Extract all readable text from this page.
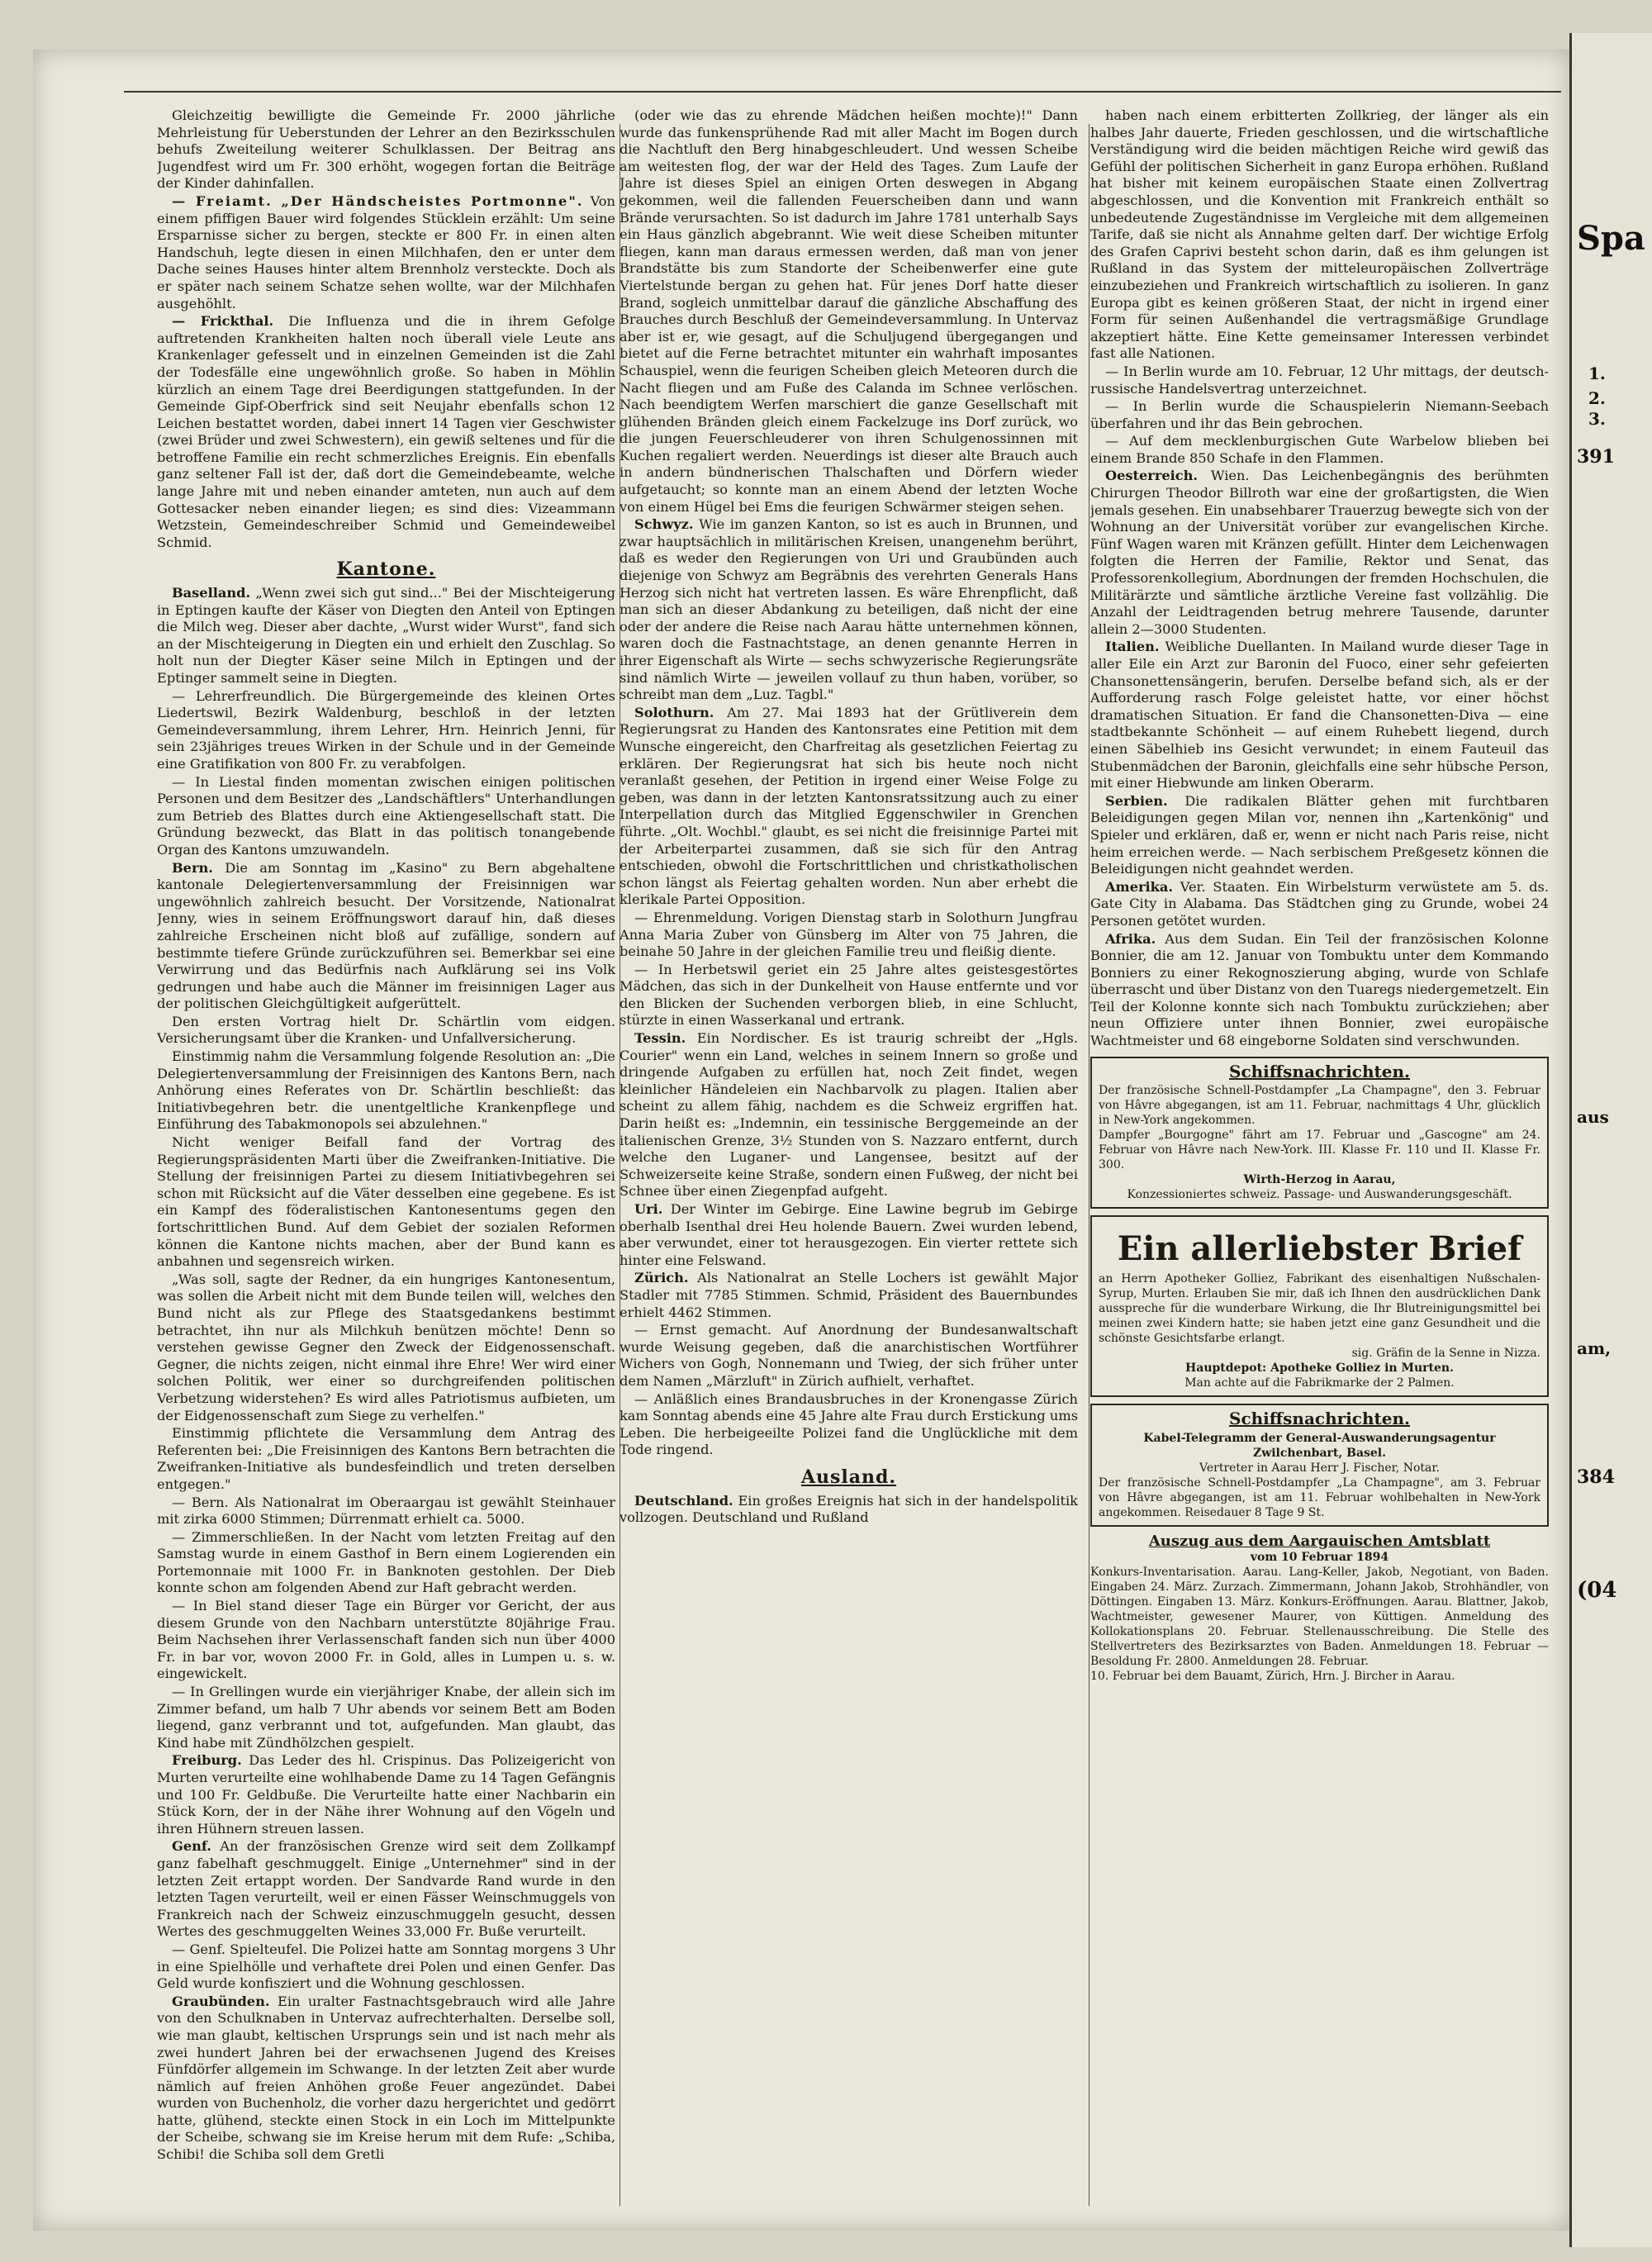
Gleichzeitig bewilligte die Gemeinde Fr. 2000 jährliche Mehrleistung für Ueberstunden der Lehrer an den Bezirksschulen behufs Zweiteilung weiterer Schulklassen. Der Beitrag ans Jugendfest wird um Fr. 300 erhöht, wogegen fortan die Beiträge der Kinder dahinfallen.

— Freiamt. „Der Händscheistes Portmonne". Von einem pfiffigen Bauer wird folgendes Stücklein erzählt: Um seine Ersparnisse sicher zu bergen, steckte er 800 Fr. in einen alten Handschuh, legte diesen in einen Milchhafen, den er unter dem Dache seines Hauses hinter altem Brennholz versteckte. Doch als er später nach seinem Schatze sehen wollte, war der Milchhafen ausgehöhlt.

— Frickthal. Die Influenza und die in ihrem Gefolge auftretenden Krankheiten halten noch überall viele Leute ans Krankenlager gefesselt und in einzelnen Gemeinden ist die Zahl der Todesfälle eine ungewöhnlich große. So haben in Möhlin kürzlich an einem Tage drei Beerdigungen stattgefunden. In der Gemeinde Gipf-Oberfrick sind seit Neujahr ebenfalls schon 12 Leichen bestattet worden, dabei innert 14 Tagen vier Geschwister (zwei Brüder und zwei Schwestern), ein gewiß seltenes und für die betroffene Familie ein recht schmerzliches Ereignis. Ein ebenfalls ganz seltener Fall ist der, daß dort die Gemeindebeamte, welche lange Jahre mit und neben einander amteten, nun auch auf dem Gottesacker neben einander liegen; es sind dies: Vizeammann Wetzstein, Gemeindeschreiber Schmid und Gemeindeweibel Schmid.

Kantone.

Baselland. „Wenn zwei sich gut sind..." Bei der Mischteigerung in Eptingen kaufte der Käser von Diegten den Anteil von Eptingen die Milch weg. Dieser aber dachte, „Wurst wider Wurst", fand sich an der Mischteigerung in Diegten ein und erhielt den Zuschlag. So holt nun der Diegter Käser seine Milch in Eptingen und der Eptinger sammelt seine in Diegten.

— Lehrerfreundlich. Die Bürgergemeinde des kleinen Ortes Liedertswil, Bezirk Waldenburg, beschloß in der letzten Gemeindeversammlung, ihrem Lehrer, Hrn. Heinrich Jenni, für sein 23jähriges treues Wirken in der Schule und in der Gemeinde eine Gratifikation von 800 Fr. zu verabfolgen.

— In Liestal finden momentan zwischen einigen politischen Personen und dem Besitzer des „Landschäftlers" Unterhandlungen zum Betrieb des Blattes durch eine Aktiengesellschaft statt. Die Gründung bezweckt, das Blatt in das politisch tonangebende Organ des Kantons umzuwandeln.

Bern. Die am Sonntag im „Kasino" zu Bern abgehaltene kantonale Delegiertenversammlung der Freisinnigen war ungewöhnlich zahlreich besucht. Der Vorsitzende, Nationalrat Jenny, wies in seinem Eröffnungswort darauf hin, daß dieses zahlreiche Erscheinen nicht bloß auf zufällige, sondern auf bestimmte tiefere Gründe zurückzuführen sei. Bemerkbar sei eine Verwirrung und das Bedürfnis nach Aufklärung sei ins Volk gedrungen und habe auch die Männer im freisinnigen Lager aus der politischen Gleichgültigkeit aufgerüttelt.

Den ersten Vortrag hielt Dr. Schärtlin vom eidgen. Versicherungsamt über die Kranken- und Unfallversicherung.

Einstimmig nahm die Versammlung folgende Resolution an: „Die Delegiertenversammlung der Freisinnigen des Kantons Bern, nach Anhörung eines Referates von Dr. Schärtlin beschließt: das Initiativbegehren betr. die unentgeltliche Krankenpflege und Einführung des Tabakmonopols sei abzulehnen."

Nicht weniger Beifall fand der Vortrag des Regierungspräsidenten Marti über die Zweifranken-Initiative. Die Stellung der freisinnigen Partei zu diesem Initiativbegehren sei schon mit Rücksicht auf die Väter desselben eine gegebene. Es ist ein Kampf des föderalistischen Kantonesentums gegen den fortschrittlichen Bund. Auf dem Gebiet der sozialen Reformen können die Kantone nichts machen, aber der Bund kann es anbahnen und segensreich wirken.

„Was soll, sagte der Redner, da ein hungriges Kantonesentum, was sollen die Arbeit nicht mit dem Bunde teilen will, welches den Bund nicht als zur Pflege des Staatsgedankens bestimmt betrachtet, ihn nur als Milchkuh benützen möchte! Denn so verstehen gewisse Gegner den Zweck der Eidgenossenschaft. Gegner, die nichts zeigen, nicht einmal ihre Ehre! Wer wird einer solchen Politik, wer einer so durchgreifenden politischen Verbetzung widerstehen? Es wird alles Patriotismus aufbieten, um der Eidgenossenschaft zum Siege zu verhelfen."

Einstimmig pflichtete die Versammlung dem Antrag des Referenten bei: „Die Freisinnigen des Kantons Bern betrachten die Zweifranken-Initiative als bundesfeindlich und treten derselben entgegen."

— Bern. Als Nationalrat im Oberaargau ist gewählt Steinhauer mit zirka 6000 Stimmen; Dürrenmatt erhielt ca. 5000.

— Zimmerschließen. In der Nacht vom letzten Freitag auf den Samstag wurde in einem Gasthof in Bern einem Logierenden ein Portemonnaie mit 1000 Fr. in Banknoten gestohlen. Der Dieb konnte schon am folgenden Abend zur Haft gebracht werden.

— In Biel stand dieser Tage ein Bürger vor Gericht, der aus diesem Grunde von den Nachbarn unterstützte 80jährige Frau. Beim Nachsehen ihrer Verlassenschaft fanden sich nun über 4000 Fr. in bar vor, wovon 2000 Fr. in Gold, alles in Lumpen u. s. w. eingewickelt.

— In Grellingen wurde ein vierjähriger Knabe, der allein sich im Zimmer befand, um halb 7 Uhr abends vor seinem Bett am Boden liegend, ganz verbrannt und tot, aufgefunden. Man glaubt, das Kind habe mit Zündhölzchen gespielt.

Freiburg. Das Leder des hl. Crispinus. Das Polizeigericht von Murten verurteilte eine wohlhabende Dame zu 14 Tagen Gefängnis und 100 Fr. Geldbuße. Die Verurteilte hatte einer Nachbarin ein Stück Korn, der in der Nähe ihrer Wohnung auf den Vögeln und ihren Hühnern streuen lassen.

Genf. An der französischen Grenze wird seit dem Zollkampf ganz fabelhaft geschmuggelt. Einige „Unternehmer" sind in der letzten Zeit ertappt worden. Der Sandvarde Rand wurde in den letzten Tagen verurteilt, weil er einen Fässer Weinschmuggels von Frankreich nach der Schweiz einzuschmuggeln gesucht, dessen Wertes des geschmuggelten Weines 33,000 Fr. Buße verurteilt.

— Genf. Spielteufel. Die Polizei hatte am Sonntag morgens 3 Uhr in eine Spielhölle und verhaftete drei Polen und einen Genfer. Das Geld wurde konfisziert und die Wohnung geschlossen.

Graubünden. Ein uralter Fastnachtsgebrauch wird alle Jahre von den Schulknaben in Untervaz aufrechterhalten. Derselbe soll, wie man glaubt, keltischen Ursprungs sein und ist nach mehr als zwei hundert Jahren bei der erwachsenen Jugend des Kreises Fünfdörfer allgemein im Schwange. In der letzten Zeit aber wurde nämlich auf freien Anhöhen große Feuer angezündet. Dabei wurden von Buchenholz, die vorher dazu hergerichtet und gedörrt hatte, glühend, steckte einen Stock in ein Loch im Mittelpunkte der Scheibe, schwang sie im Kreise herum mit dem Rufe: „Schiba, Schibi! die Schiba soll dem Gretli

(oder wie das zu ehrende Mädchen heißen mochte)!" Dann wurde das funkensprühende Rad mit aller Macht im Bogen durch die Nachtluft den Berg hinabgeschleudert. Und wessen Scheibe am weitesten flog, der war der Held des Tages. Zum Laufe der Jahre ist dieses Spiel an einigen Orten deswegen in Abgang gekommen, weil die fallenden Feuerscheiben dann und wann Brände verursachten. So ist dadurch im Jahre 1781 unterhalb Says ein Haus gänzlich abgebrannt. Wie weit diese Scheiben mitunter fliegen, kann man daraus ermessen werden, daß man von jener Brandstätte bis zum Standorte der Scheibenwerfer eine gute Viertelstunde bergan zu gehen hat. Für jenes Dorf hatte dieser Brand, sogleich unmittelbar darauf die gänzliche Abschaffung des Brauches durch Beschluß der Gemeindeversammlung. In Untervaz aber ist er, wie gesagt, auf die Schuljugend übergegangen und bietet auf die Ferne betrachtet mitunter ein wahrhaft imposantes Schauspiel, wenn die feurigen Scheiben gleich Meteoren durch die Nacht fliegen und am Fuße des Calanda im Schnee verlöschen. Nach beendigtem Werfen marschiert die ganze Gesellschaft mit glühenden Bränden gleich einem Fackelzuge ins Dorf zurück, wo die jungen Feuerschleuderer von ihren Schulgenossinnen mit Kuchen regaliert werden. Neuerdings ist dieser alte Brauch auch in andern bündnerischen Thalschaften und Dörfern wieder aufgetaucht; so konnte man an einem Abend der letzten Woche von einem Hügel bei Ems die feurigen Schwärmer steigen sehen.

Schwyz. Wie im ganzen Kanton, so ist es auch in Brunnen, und zwar hauptsächlich in militärischen Kreisen, unangenehm berührt, daß es weder den Regierungen von Uri und Graubünden auch diejenige von Schwyz am Begräbnis des verehrten Generals Hans Herzog sich nicht hat vertreten lassen. Es wäre Ehrenpflicht, daß man sich an dieser Abdankung zu beteiligen, daß nicht der eine oder der andere die Reise nach Aarau hätte unternehmen können, waren doch die Fastnachtstage, an denen genannte Herren in ihrer Eigenschaft als Wirte — sechs schwyzerische Regierungsräte sind nämlich Wirte — jeweilen vollauf zu thun haben, vorüber, so schreibt man dem „Luz. Tagbl."

Solothurn. Am 27. Mai 1893 hat der Grütliverein dem Regierungsrat zu Handen des Kantonsrates eine Petition mit dem Wunsche eingereicht, den Charfreitag als gesetzlichen Feiertag zu erklären. Der Regierungsrat hat sich bis heute noch nicht veranlaßt gesehen, der Petition in irgend einer Weise Folge zu geben, was dann in der letzten Kantonsratssitzung auch zu einer Interpellation durch das Mitglied Eggenschwiler in Grenchen führte. „Olt. Wochbl." glaubt, es sei nicht die freisinnige Partei mit der Arbeiterpartei zusammen, daß sie sich für den Antrag entschieden, obwohl die Fortschrittlichen und christkatholischen schon längst als Feiertag gehalten worden. Nun aber erhebt die klerikale Partei Opposition.

— Ehrenmeldung. Vorigen Dienstag starb in Solothurn Jungfrau Anna Maria Zuber von Günsberg im Alter von 75 Jahren, die beinahe 50 Jahre in der gleichen Familie treu und fleißig diente.

— In Herbetswil geriet ein 25 Jahre altes geistesgestörtes Mädchen, das sich in der Dunkelheit von Hause entfernte und vor den Blicken der Suchenden verborgen blieb, in eine Schlucht, stürzte in einen Wasserkanal und ertrank.

Tessin. Ein Nordischer. Es ist traurig schreibt der „Hgls. Courier" wenn ein Land, welches in seinem Innern so große und dringende Aufgaben zu erfüllen hat, noch Zeit findet, wegen kleinlicher Händeleien ein Nachbarvolk zu plagen. Italien aber scheint zu allem fähig, nachdem es die Schweiz ergriffen hat. Darin heißt es: „Indemnin, ein tessinische Berggemeinde an der italienischen Grenze, 3½ Stunden von S. Nazzaro entfernt, durch welche den Luganer- und Langensee, besitzt auf der Schweizerseite keine Straße, sondern einen Fußweg, der nicht bei Schnee über einen Ziegenpfad aufgeht.

Uri. Der Winter im Gebirge. Eine Lawine begrub im Gebirge oberhalb Isenthal drei Heu holende Bauern. Zwei wurden lebend, aber verwundet, einer tot herausgezogen. Ein vierter rettete sich hinter eine Felswand.

Zürich. Als Nationalrat an Stelle Lochers ist gewählt Major Stadler mit 7785 Stimmen. Schmid, Präsident des Bauernbundes erhielt 4462 Stimmen.

— Ernst gemacht. Auf Anordnung der Bundesanwaltschaft wurde Weisung gegeben, daß die anarchistischen Wortführer Wichers von Gogh, Nonnemann und Twieg, der sich früher unter dem Namen „Märzluft" in Zürich aufhielt, verhaftet.

— Anläßlich eines Brandausbruches in der Kronengasse Zürich kam Sonntag abends eine 45 Jahre alte Frau durch Erstickung ums Leben. Die herbeigeeilte Polizei fand die Unglückliche mit dem Tode ringend.

Ausland.

Deutschland. Ein großes Ereignis hat sich in der handelspolitik vollzogen. Deutschland und Rußland

haben nach einem erbitterten Zollkrieg, der länger als ein halbes Jahr dauerte, Frieden geschlossen, und die wirtschaftliche Verständigung wird die beiden mächtigen Reiche wird gewiß das Gefühl der politischen Sicherheit in ganz Europa erhöhen. Rußland hat bisher mit keinem europäischen Staate einen Zollvertrag abgeschlossen, und die Konvention mit Frankreich enthält so unbedeutende Zugeständnisse im Vergleiche mit dem allgemeinen Tarife, daß sie nicht als Annahme gelten darf. Der wichtige Erfolg des Grafen Caprivi besteht schon darin, daß es ihm gelungen ist Rußland in das System der mitteleuropäischen Zollverträge einzubeziehen und Frankreich wirtschaftlich zu isolieren. In ganz Europa gibt es keinen größeren Staat, der nicht in irgend einer Form für seinen Außenhandel die vertragsmäßige Grundlage akzeptiert hätte. Eine Kette gemeinsamer Interessen verbindet fast alle Nationen.

— In Berlin wurde am 10. Februar, 12 Uhr mittags, der deutsch-russische Handelsvertrag unterzeichnet.

— In Berlin wurde die Schauspielerin Niemann-Seebach überfahren und ihr das Bein gebrochen.

— Auf dem mecklenburgischen Gute Warbelow blieben bei einem Brande 850 Schafe in den Flammen.

Oesterreich. Wien. Das Leichenbegängnis des berühmten Chirurgen Theodor Billroth war eine der großartigsten, die Wien jemals gesehen. Ein unabsehbarer Trauerzug bewegte sich von der Wohnung an der Universität vorüber zur evangelischen Kirche. Fünf Wagen waren mit Kränzen gefüllt. Hinter dem Leichenwagen folgten die Herren der Familie, Rektor und Senat, das Professorenkollegium, Abordnungen der fremden Hochschulen, die Militärärzte und sämtliche ärztliche Vereine fast vollzählig. Die Anzahl der Leidtragenden betrug mehrere Tausende, darunter allein 2—3000 Studenten.

Italien. Weibliche Duellanten. In Mailand wurde dieser Tage in aller Eile ein Arzt zur Baronin del Fuoco, einer sehr gefeierten Chansonettensängerin, berufen. Derselbe befand sich, als er der Aufforderung rasch Folge geleistet hatte, vor einer höchst dramatischen Situation. Er fand die Chansonetten-Diva — eine stadtbekannte Schönheit — auf einem Ruhebett liegend, durch einen Säbelhieb ins Gesicht verwundet; in einem Fauteuil das Stubenmädchen der Baronin, gleichfalls eine sehr hübsche Person, mit einer Hiebwunde am linken Oberarm.

Serbien. Die radikalen Blätter gehen mit furchtbaren Beleidigungen gegen Milan vor, nennen ihn „Kartenkönig" und Spieler und erklären, daß er, wenn er nicht nach Paris reise, nicht heim erreichen werde. — Nach serbischem Preßgesetz können die Beleidigungen nicht geahndet werden.

Amerika. Ver. Staaten. Ein Wirbelsturm verwüstete am 5. ds. Gate City in Alabama. Das Städtchen ging zu Grunde, wobei 24 Personen getötet wurden.

Afrika. Aus dem Sudan. Ein Teil der französischen Kolonne Bonnier, die am 12. Januar von Tombuktu unter dem Kommando Bonniers zu einer Rekognoszierung abging, wurde von Schlafe überrascht und über Distanz von den Tuaregs niedergemetzelt. Ein Teil der Kolonne konnte sich nach Tombuktu zurückziehen; aber neun Offiziere unter ihnen Bonnier, zwei europäische Wachtmeister und 68 eingeborne Soldaten sind verschwunden.

Schiffsnachrichten.
Der französische Schnell-Postdampfer „La Champagne", den 3. Februar von Hâvre abgegangen, ist am 11. Februar, nachmittags 4 Uhr, glücklich in New-York angekommen.
Dampfer „Bourgogne" fährt am 17. Februar und „Gascogne" am 24. Februar von Hâvre nach New-York. III. Klasse Fr. 110 und II. Klasse Fr. 300.
Wirth-Herzog in Aarau,
Konzessioniertes schweiz. Passage- und Auswanderungsgeschäft.
Ein allerliebster Brief
an Herrn Apotheker Golliez, Fabrikant des eisenhaltigen Nußschalen-Syrup, Murten. Erlauben Sie mir, daß ich Ihnen den ausdrücklichen Dank ausspreche für die wunderbare Wirkung, die Ihr Blutreinigungsmittel bei meinen zwei Kindern hatte; sie haben jetzt eine ganz Gesundheit und die schönste Gesichtsfarbe erlangt.
sig. Gräfin de la Senne in Nizza.
Hauptdepot: Apotheke Golliez in Murten.
Man achte auf die Fabrikmarke der 2 Palmen.
Schiffsnachrichten.
Kabel-Telegramm der General-Auswanderungsagentur Zwilchenbart, Basel.
Vertreter in Aarau Herr J. Fischer, Notar.
Der französische Schnell-Postdampfer „La Champagne", am 3. Februar von Hâvre abgegangen, ist am 11. Februar wohlbehalten in New-York angekommen. Reisedauer 8 Tage 9 St.
Auszug aus dem Aargauischen Amtsblatt
vom 10 Februar 1894
Konkurs-Inventarisation. Aarau. Lang-Keller, Jakob, Negotiant, von Baden. Eingaben 24. März. Zurzach. Zimmermann, Johann Jakob, Strohhändler, von Döttingen. Eingaben 13. März. Konkurs-Eröffnungen. Aarau. Blattner, Jakob, Wachtmeister, gewesener Maurer, von Küttigen. Anmeldung des Kollokationsplans 20. Februar. Stellenausschreibung. Die Stelle des Stellvertreters des Bezirksarztes von Baden. Anmeldungen 18. Februar — Besoldung Fr. 2800. Anmeldungen 28. Februar.
10. Februar bei dem Bauamt, Zürich, Hrn. J. Bircher in Aarau.
Spa
1.
2.
3.
391
aus
am,
384
(04
